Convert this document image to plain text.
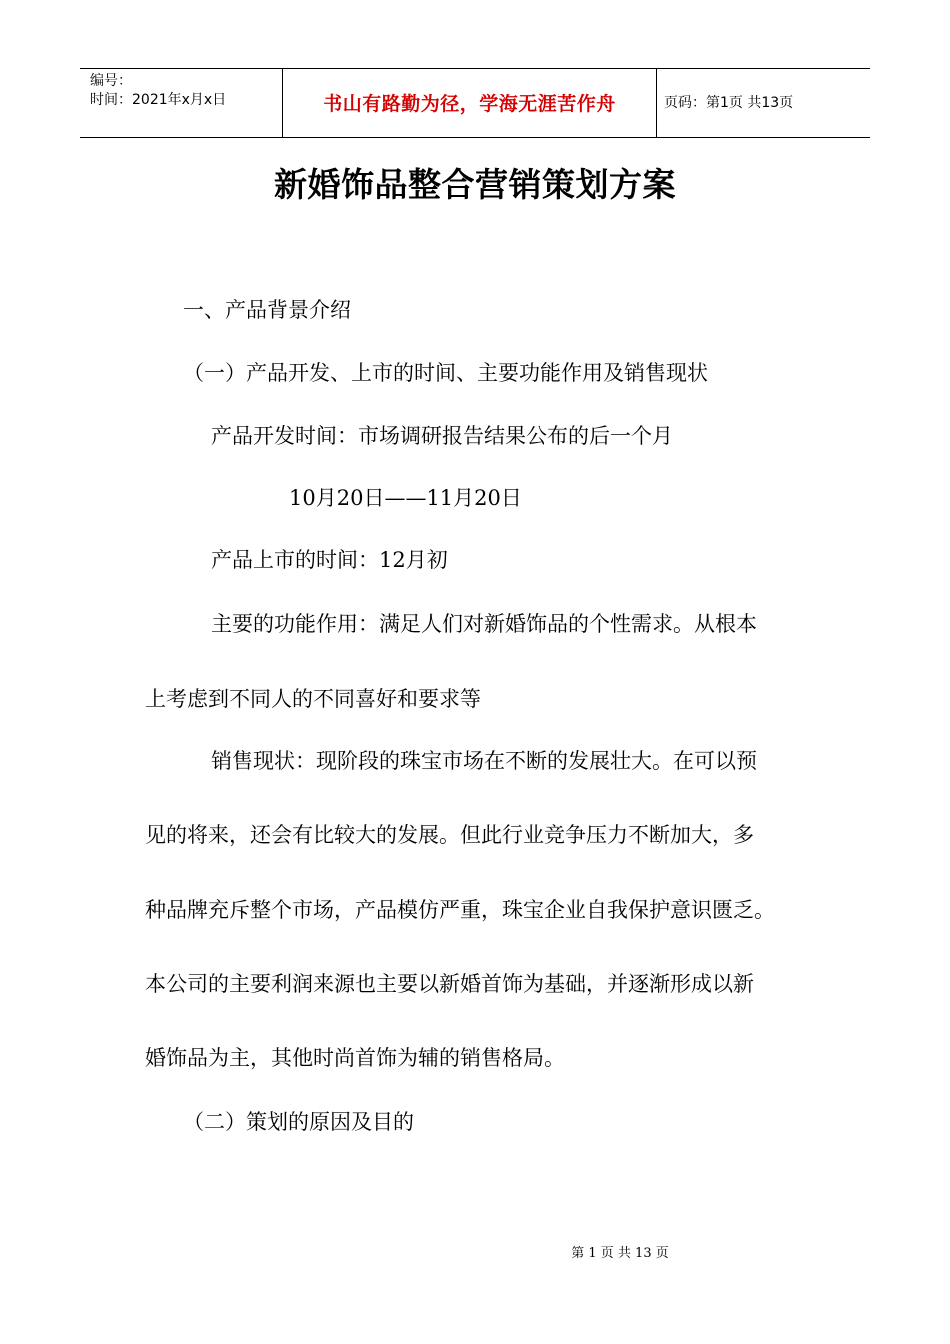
编号：
时间：2021年x月x日	书山有路勤为径，学海无涯苦作舟	页码：第1页 共13页
新婚饰品整合营销策划方案
一、产品背景介绍
（一）产品开发、上市的时间、主要功能作用及销售现状
产品开发时间：市场调研报告结果公布的后一个月
10月20日——11月20日
产品上市的时间：12月初
主要的功能作用：满足人们对新婚饰品的个性需求。从根本
上考虑到不同人的不同喜好和要求等
销售现状：现阶段的珠宝市场在不断的发展壮大。在可以预
见的将来，还会有比较大的发展。但此行业竞争压力不断加大，多
种品牌充斥整个市场，产品模仿严重，珠宝企业自我保护意识匮乏。
本公司的主要利润来源也主要以新婚首饰为基础，并逐渐形成以新
婚饰品为主，其他时尚首饰为辅的销售格局。
（二）策划的原因及目的
第 1 页 共 13 页
